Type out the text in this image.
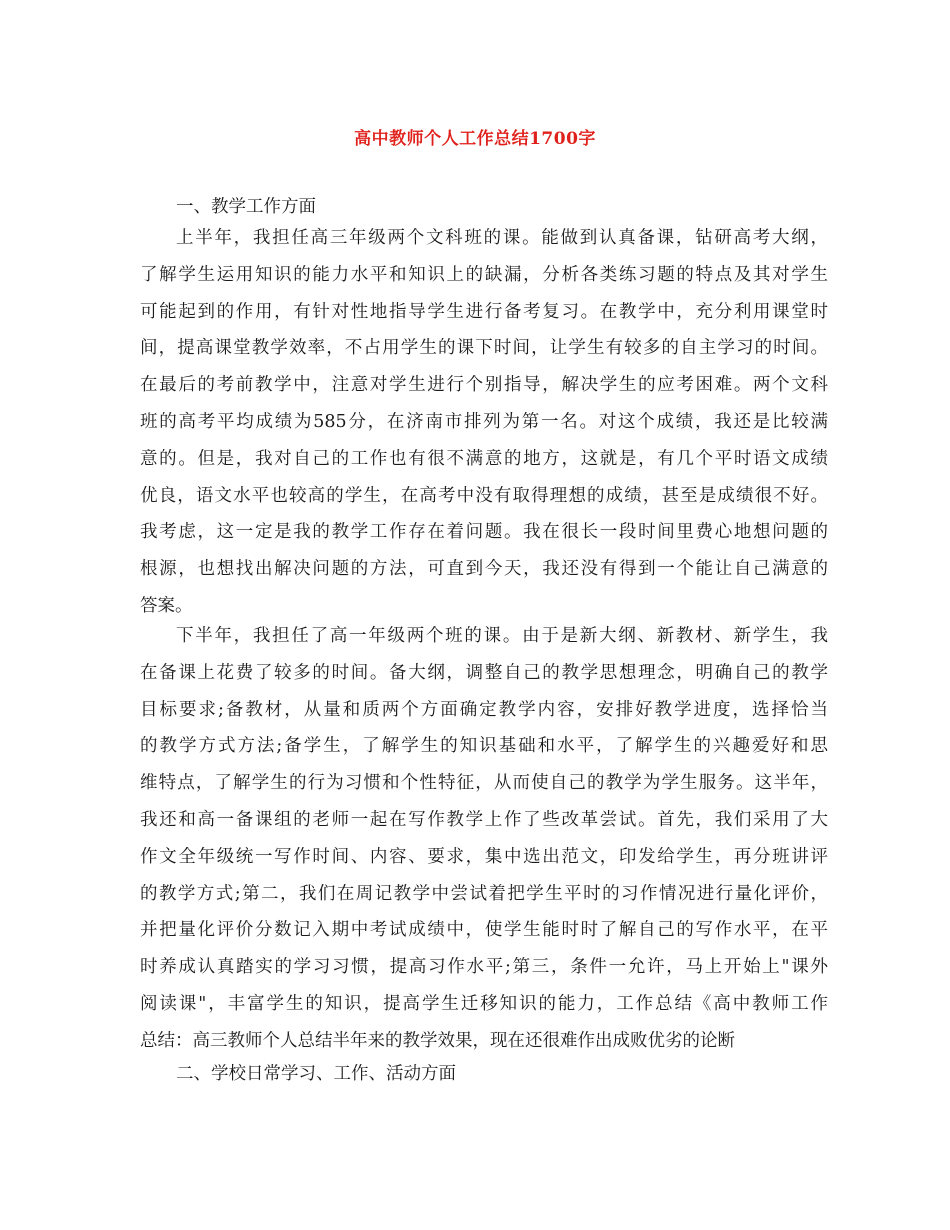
高中教师个人工作总结1700字
一、教学工作方面
上半年，我担任高三年级两个文科班的课。能做到认真备课，钻研高考大纲，
了解学生运用知识的能力水平和知识上的缺漏，分析各类练习题的特点及其对学生
可能起到的作用，有针对性地指导学生进行备考复习。在教学中，充分利用课堂时
间，提高课堂教学效率，不占用学生的课下时间，让学生有较多的自主学习的时间。
在最后的考前教学中，注意对学生进行个别指导，解决学生的应考困难。两个文科
班的高考平均成绩为585分，在济南市排列为第一名。对这个成绩，我还是比较满
意的。但是，我对自己的工作也有很不满意的地方，这就是，有几个平时语文成绩
优良，语文水平也较高的学生，在高考中没有取得理想的成绩，甚至是成绩很不好。
我考虑，这一定是我的教学工作存在着问题。我在很长一段时间里费心地想问题的
根源，也想找出解决问题的方法，可直到今天，我还没有得到一个能让自己满意的
答案。
下半年，我担任了高一年级两个班的课。由于是新大纲、新教材、新学生，我
在备课上花费了较多的时间。备大纲，调整自己的教学思想理念，明确自己的教学
目标要求;备教材，从量和质两个方面确定教学内容，安排好教学进度，选择恰当
的教学方式方法;备学生，了解学生的知识基础和水平，了解学生的兴趣爱好和思
维特点，了解学生的行为习惯和个性特征，从而使自己的教学为学生服务。这半年，
我还和高一备课组的老师一起在写作教学上作了些改革尝试。首先，我们采用了大
作文全年级统一写作时间、内容、要求，集中选出范文，印发给学生，再分班讲评
的教学方式;第二，我们在周记教学中尝试着把学生平时的习作情况进行量化评价，
并把量化评价分数记入期中考试成绩中，使学生能时时了解自己的写作水平，在平
时养成认真踏实的学习习惯，提高习作水平;第三，条件一允许，马上开始上"课外
阅读课"，丰富学生的知识，提高学生迁移知识的能力，工作总结《高中教师工作
总结：高三教师个人总结半年来的教学效果，现在还很难作出成败优劣的论断
二、学校日常学习、工作、活动方面
